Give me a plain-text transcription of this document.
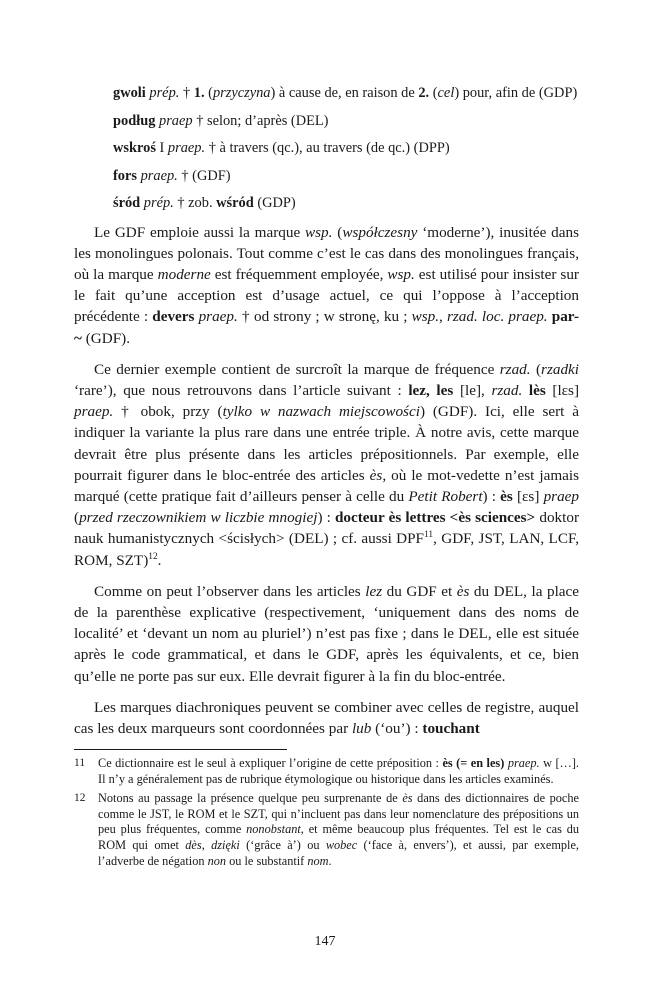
gwoli prép. † 1. (przyczyna) à cause de, en raison de 2. (cel) pour, afin de (GDP)

podług praep † selon; d’après (DEL)

wskroś I praep. † à travers (qc.), au travers (de qc.) (DPP)

fors praep. † (GDF)

śród prép. † zob. wśród (GDP)

Le GDF emploie aussi la marque wsp. (współczesny ‘moderne’), inusitée dans les monolingues polonais. Tout comme c’est le cas dans des monolingues français, où la marque moderne est fréquemment employée, wsp. est utilisé pour insister sur le fait qu’une acception est d’usage actuel, ce qui l’oppose à l’acception précédente : devers praep. † od strony ; w stronę, ku ; wsp., rzad. loc. praep. par-~ (GDF).

Ce dernier exemple contient de surcroît la marque de fréquence rzad. (rzadki ‘rare’), que nous retrouvons dans l’article suivant : lez, les [le], rzad. lès [lɛs] praep. † obok, przy (tylko w nazwach miejscowości) (GDF). Ici, elle sert à indiquer la variante la plus rare dans une entrée triple. À notre avis, cette marque devrait être plus présente dans les articles prépositionnels. Par exemple, elle pourrait figurer dans le bloc-entrée des articles ès, où le mot-vedette n’est jamais marqué (cette pratique fait d’ailleurs penser à celle du Petit Robert) : ès [ɛs] praep (przed rzeczownikiem w liczbie mnogiej) : docteur ès lettres <ès sciences> doktor nauk humanistycznych <ścisłych> (DEL) ; cf. aussi DPF$^{11}$, GDF, JST, LAN, LCF, ROM, SZT)$^{12}$.

Comme on peut l’observer dans les articles lez du GDF et ès du DEL, la place de la parenthèse explicative (respectivement, ‘uniquement dans des noms de localité’ et ‘devant un nom au pluriel’) n’est pas fixe ; dans le DEL, elle est située après le code grammatical, et dans le GDF, après les équivalents, et ce, bien qu’elle ne porte pas sur eux. Elle devrait figurer à la fin du bloc-entrée.

Les marques diachroniques peuvent se combiner avec celles de registre, auquel cas les deux marqueurs sont coordonnées par lub (‘ou’) : touchant

11	Ce dictionnaire est le seul à expliquer l’origine de cette préposition : ès (= en les) praep. w […]. Il n’y a généralement pas de rubrique étymologique ou historique dans les articles examinés.
12	Notons au passage la présence quelque peu surprenante de ès dans des dictionnaires de poche comme le JST, le ROM et le SZT, qui n’incluent pas dans leur nomenclature des prépositions un peu plus fréquentes, comme nonobstant, et même beaucoup plus fréquentes. Tel est le cas du ROM qui omet dès, dzięki (‘grâce à’) ou wobec (‘face à, envers’), et aussi, par exemple, l’adverbe de négation non ou le substantif nom.
147
